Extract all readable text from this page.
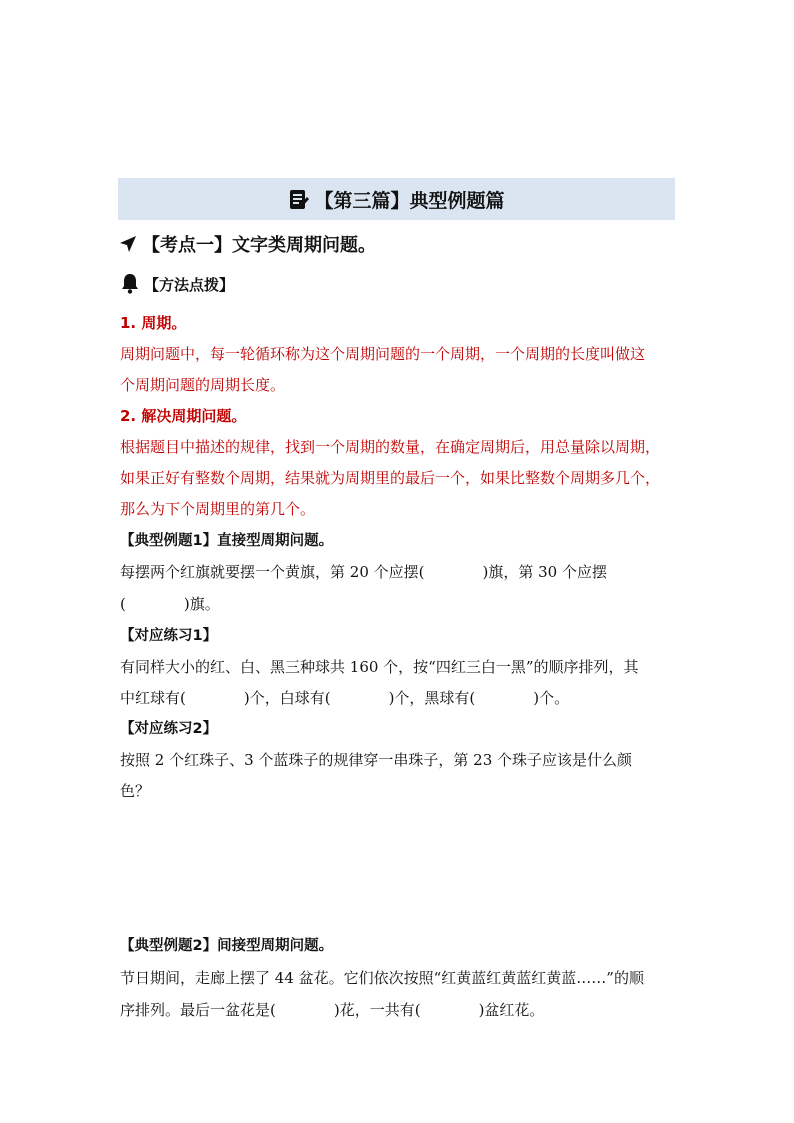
【第三篇】典型例题篇
【考点一】文字类周期问题。
【方法点拨】
1. 周期。
周期问题中，每一轮循环称为这个周期问题的一个周期，一个周期的长度叫做这
个周期问题的周期长度。
2. 解决周期问题。
根据题目中描述的规律，找到一个周期的数量，在确定周期后，用总量除以周期，
如果正好有整数个周期，结果就为周期里的最后一个，如果比整数个周期多几个，
那么为下个周期里的第几个。
【典型例题1】直接型周期问题。
每摆两个红旗就要摆一个黄旗，第 20 个应摆(	)旗，第 30 个应摆
(	)旗。
【对应练习1】
有同样大小的红、白、黑三种球共 160 个，按“四红三白一黑”的顺序排列，其
中红球有(	)个，白球有(	)个，黑球有(	)个。
【对应练习2】
按照 2 个红珠子、3 个蓝珠子的规律穿一串珠子，第 23 个珠子应该是什么颜
色？
【典型例题2】间接型周期问题。
节日期间，走廊上摆了 44 盆花。它们依次按照“红黄蓝红黄蓝红黄蓝……”的顺
序排列。最后一盆花是(	)花，一共有(	)盆红花。
